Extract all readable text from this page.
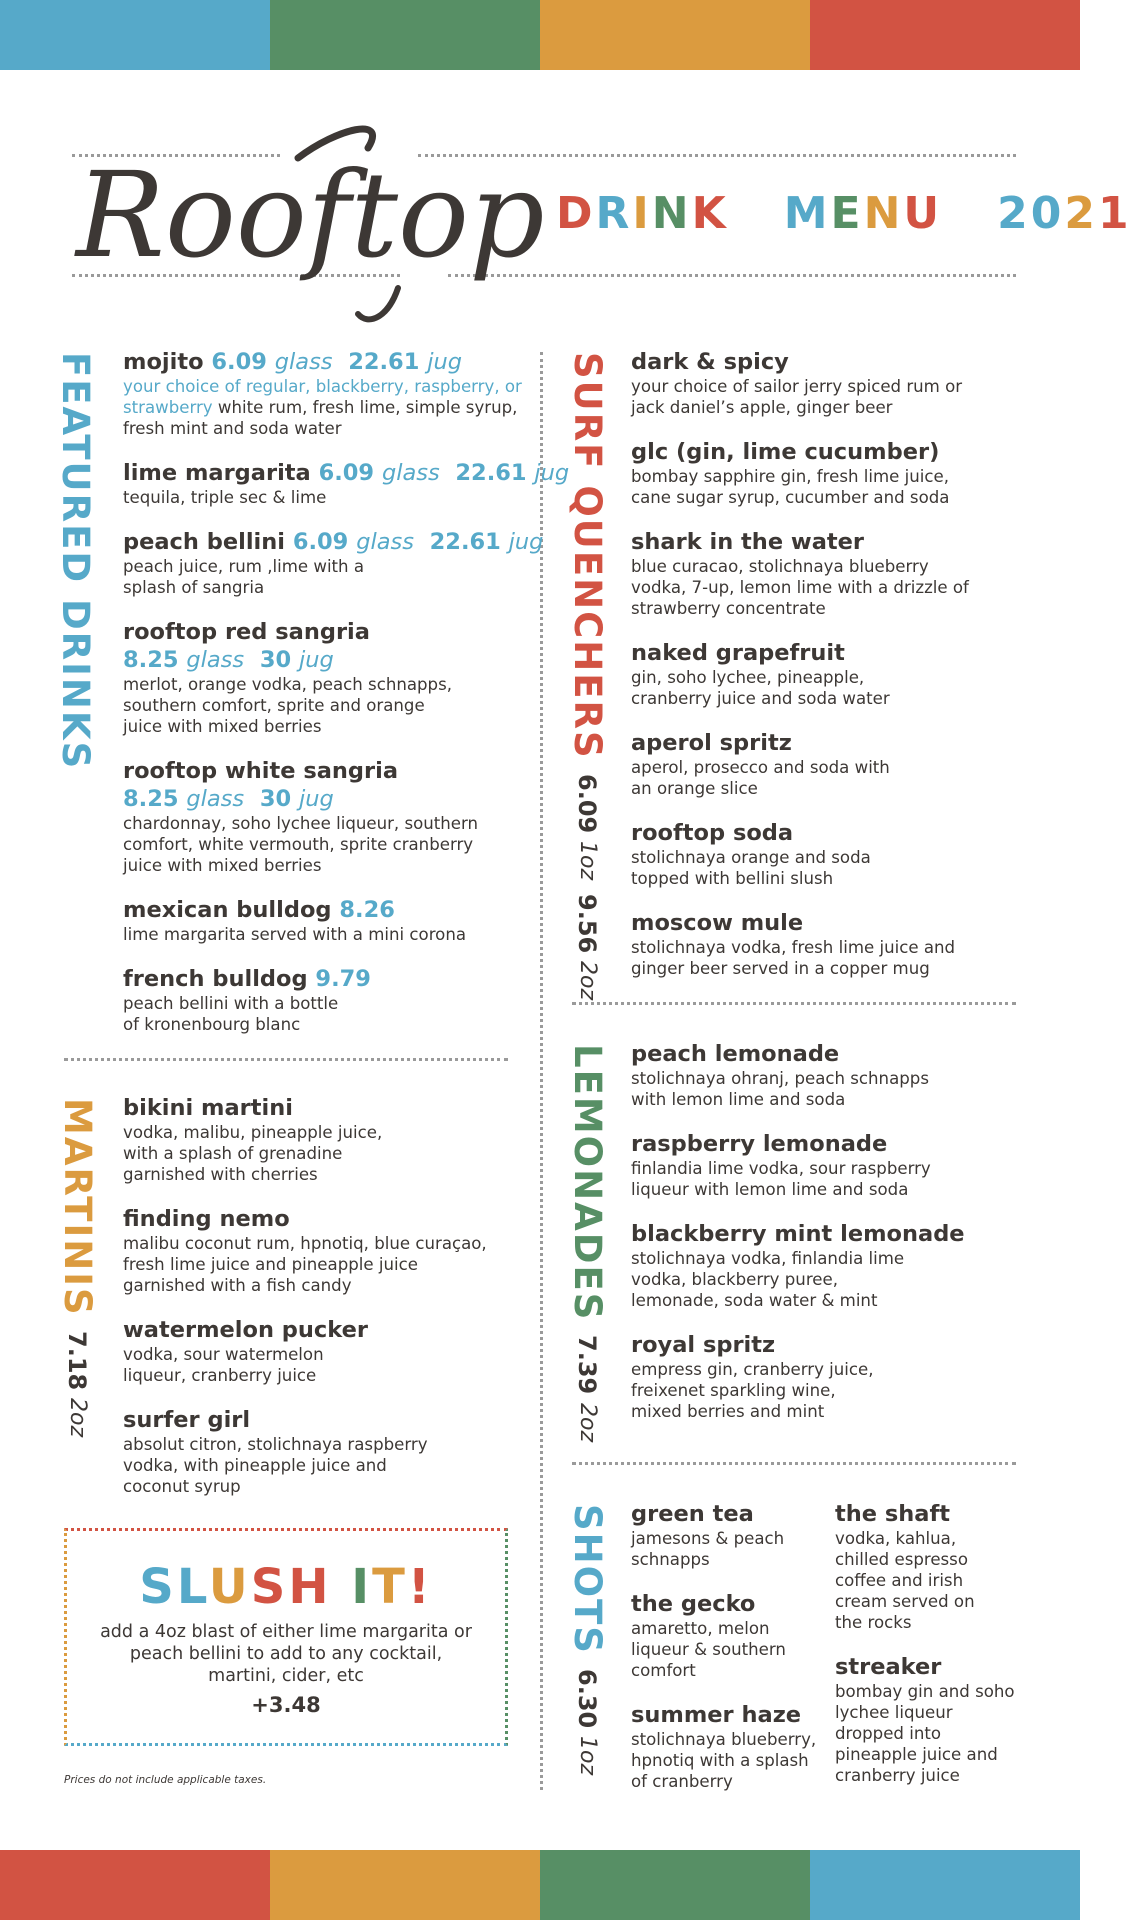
Rooftop DRINK MENU 2021
FEATURED DRINKS mojito 6.09 glass 22.61 jug
your choice of regular, blackberry, raspberry, or strawberry white rum, fresh lime, simple syrup, fresh mint and soda water
lime margarita 6.09 glass 22.61 jug
tequila, triple sec & lime
peach bellini 6.09 glass 22.61 jug
peach juice, rum ,lime with a splash of sangria
rooftop red sangria
8.25 glass 30 jug
merlot, orange vodka, peach schnapps, southern comfort, sprite and orange juice with mixed berries
rooftop white sangria
8.25 glass 30 jug
chardonnay, soho lychee liqueur, southern comfort, white vermouth, sprite cranberry juice with mixed berries
mexican bulldog 8.26
lime margarita served with a mini corona
french bulldog 9.79
peach bellini with a bottle of kronenbourg blanc
MARTINIS7.182oz
bikini martini
vodka, malibu, pineapple juice, with a splash of grenadine garnished with cherries
finding nemo
malibu coconut rum, hpnotiq, blue curaçao, fresh lime juice and pineapple juice garnished with a fish candy
watermelon pucker
vodka, sour watermelon liqueur, cranberry juice
surfer girl
absolut citron, stolichnaya raspberry vodka, with pineapple juice and coconut syrup
SLUSH IT!
add a 4oz blast of either lime margarita or peach bellini to add to any cocktail, martini, cider, etc
+3.48
Prices do not include applicable taxes.
SURF QUENCHERS6.091oz9.562oz
dark & spicy
your choice of sailor jerry spiced rum or jack daniel’s apple, ginger beer
glc (gin, lime cucumber)
bombay sapphire gin, fresh lime juice, cane sugar syrup, cucumber and soda
shark in the water
blue curacao, stolichnaya blueberry vodka, 7-up, lemon lime with a drizzle of strawberry concentrate
naked grapefruit
gin, soho lychee, pineapple, cranberry juice and soda water
aperol spritz
aperol, prosecco and soda with an orange slice
rooftop soda
stolichnaya orange and soda topped with bellini slush
moscow mule
stolichnaya vodka, fresh lime juice and ginger beer served in a copper mug
LEMONADES7.392oz
peach lemonade
stolichnaya ohranj, peach schnapps with lemon lime and soda
raspberry lemonade
finlandia lime vodka, sour raspberry liqueur with lemon lime and soda
blackberry mint lemonade
stolichnaya vodka, finlandia lime vodka, blackberry puree, lemonade, soda water & mint
royal spritz
empress gin, cranberry juice, freixenet sparkling wine, mixed berries and mint
SHOTS6.301oz
green tea
jamesons & peach schnapps
the gecko
amaretto, melon liqueur & southern comfort
summer haze
stolichnaya blueberry, hpnotiq with a splash of cranberry
the shaft
vodka, kahlua, chilled espresso coffee and irish cream served on the rocks
streaker
bombay gin and soho lychee liqueur dropped into pineapple juice and cranberry juice
